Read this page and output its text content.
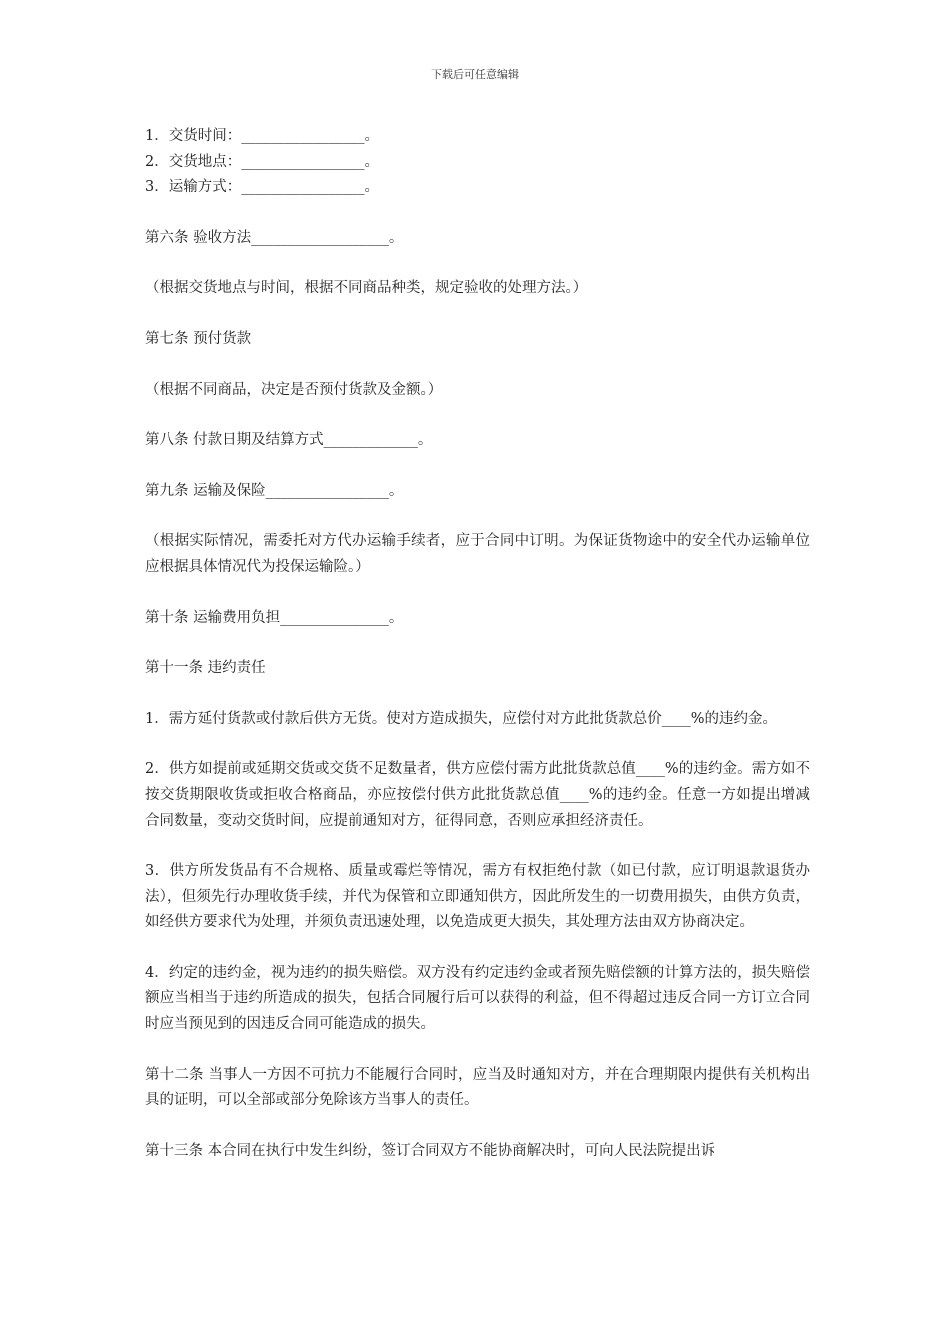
下载后可任意编辑

1．交货时间：_________________。

2．交货地点：_________________。

3．运输方式：_________________。

第六条 验收方法___________________。

（根据交货地点与时间，根据不同商品种类，规定验收的处理方法。）

第七条 预付货款

（根据不同商品，决定是否预付货款及金额。）

第八条 付款日期及结算方式_____________。

第九条 运输及保险_________________。

（根据实际情况，需委托对方代办运输手续者，应于合同中订明。为保证货物途中的安全代办运输单位应根据具体情况代为投保运输险。）

第十条 运输费用负担_______________。

第十一条 违约责任

1．需方延付货款或付款后供方无货。使对方造成损失，应偿付对方此批货款总价____%的违约金。

2．供方如提前或延期交货或交货不足数量者，供方应偿付需方此批货款总值____%的违约金。需方如不按交货期限收货或拒收合格商品，亦应按偿付供方此批货款总值____%的违约金。任意一方如提出增减合同数量，变动交货时间，应提前通知对方，征得同意，否则应承担经济责任。

3．供方所发货品有不合规格、质量或霉烂等情况，需方有权拒绝付款（如已付款，应订明退款退货办法），但须先行办理收货手续，并代为保管和立即通知供方，因此所发生的一切费用损失，由供方负责，如经供方要求代为处理，并须负责迅速处理，以免造成更大损失，其处理方法由双方协商决定。

4．约定的违约金，视为违约的损失赔偿。双方没有约定违约金或者预先赔偿额的计算方法的，损失赔偿额应当相当于违约所造成的损失，包括合同履行后可以获得的利益，但不得超过违反合同一方订立合同时应当预见到的因违反合同可能造成的损失。

第十二条 当事人一方因不可抗力不能履行合同时，应当及时通知对方，并在合理期限内提供有关机构出具的证明，可以全部或部分免除该方当事人的责任。

第十三条 本合同在执行中发生纠纷，签订合同双方不能协商解决时，可向人民法院提出诉
